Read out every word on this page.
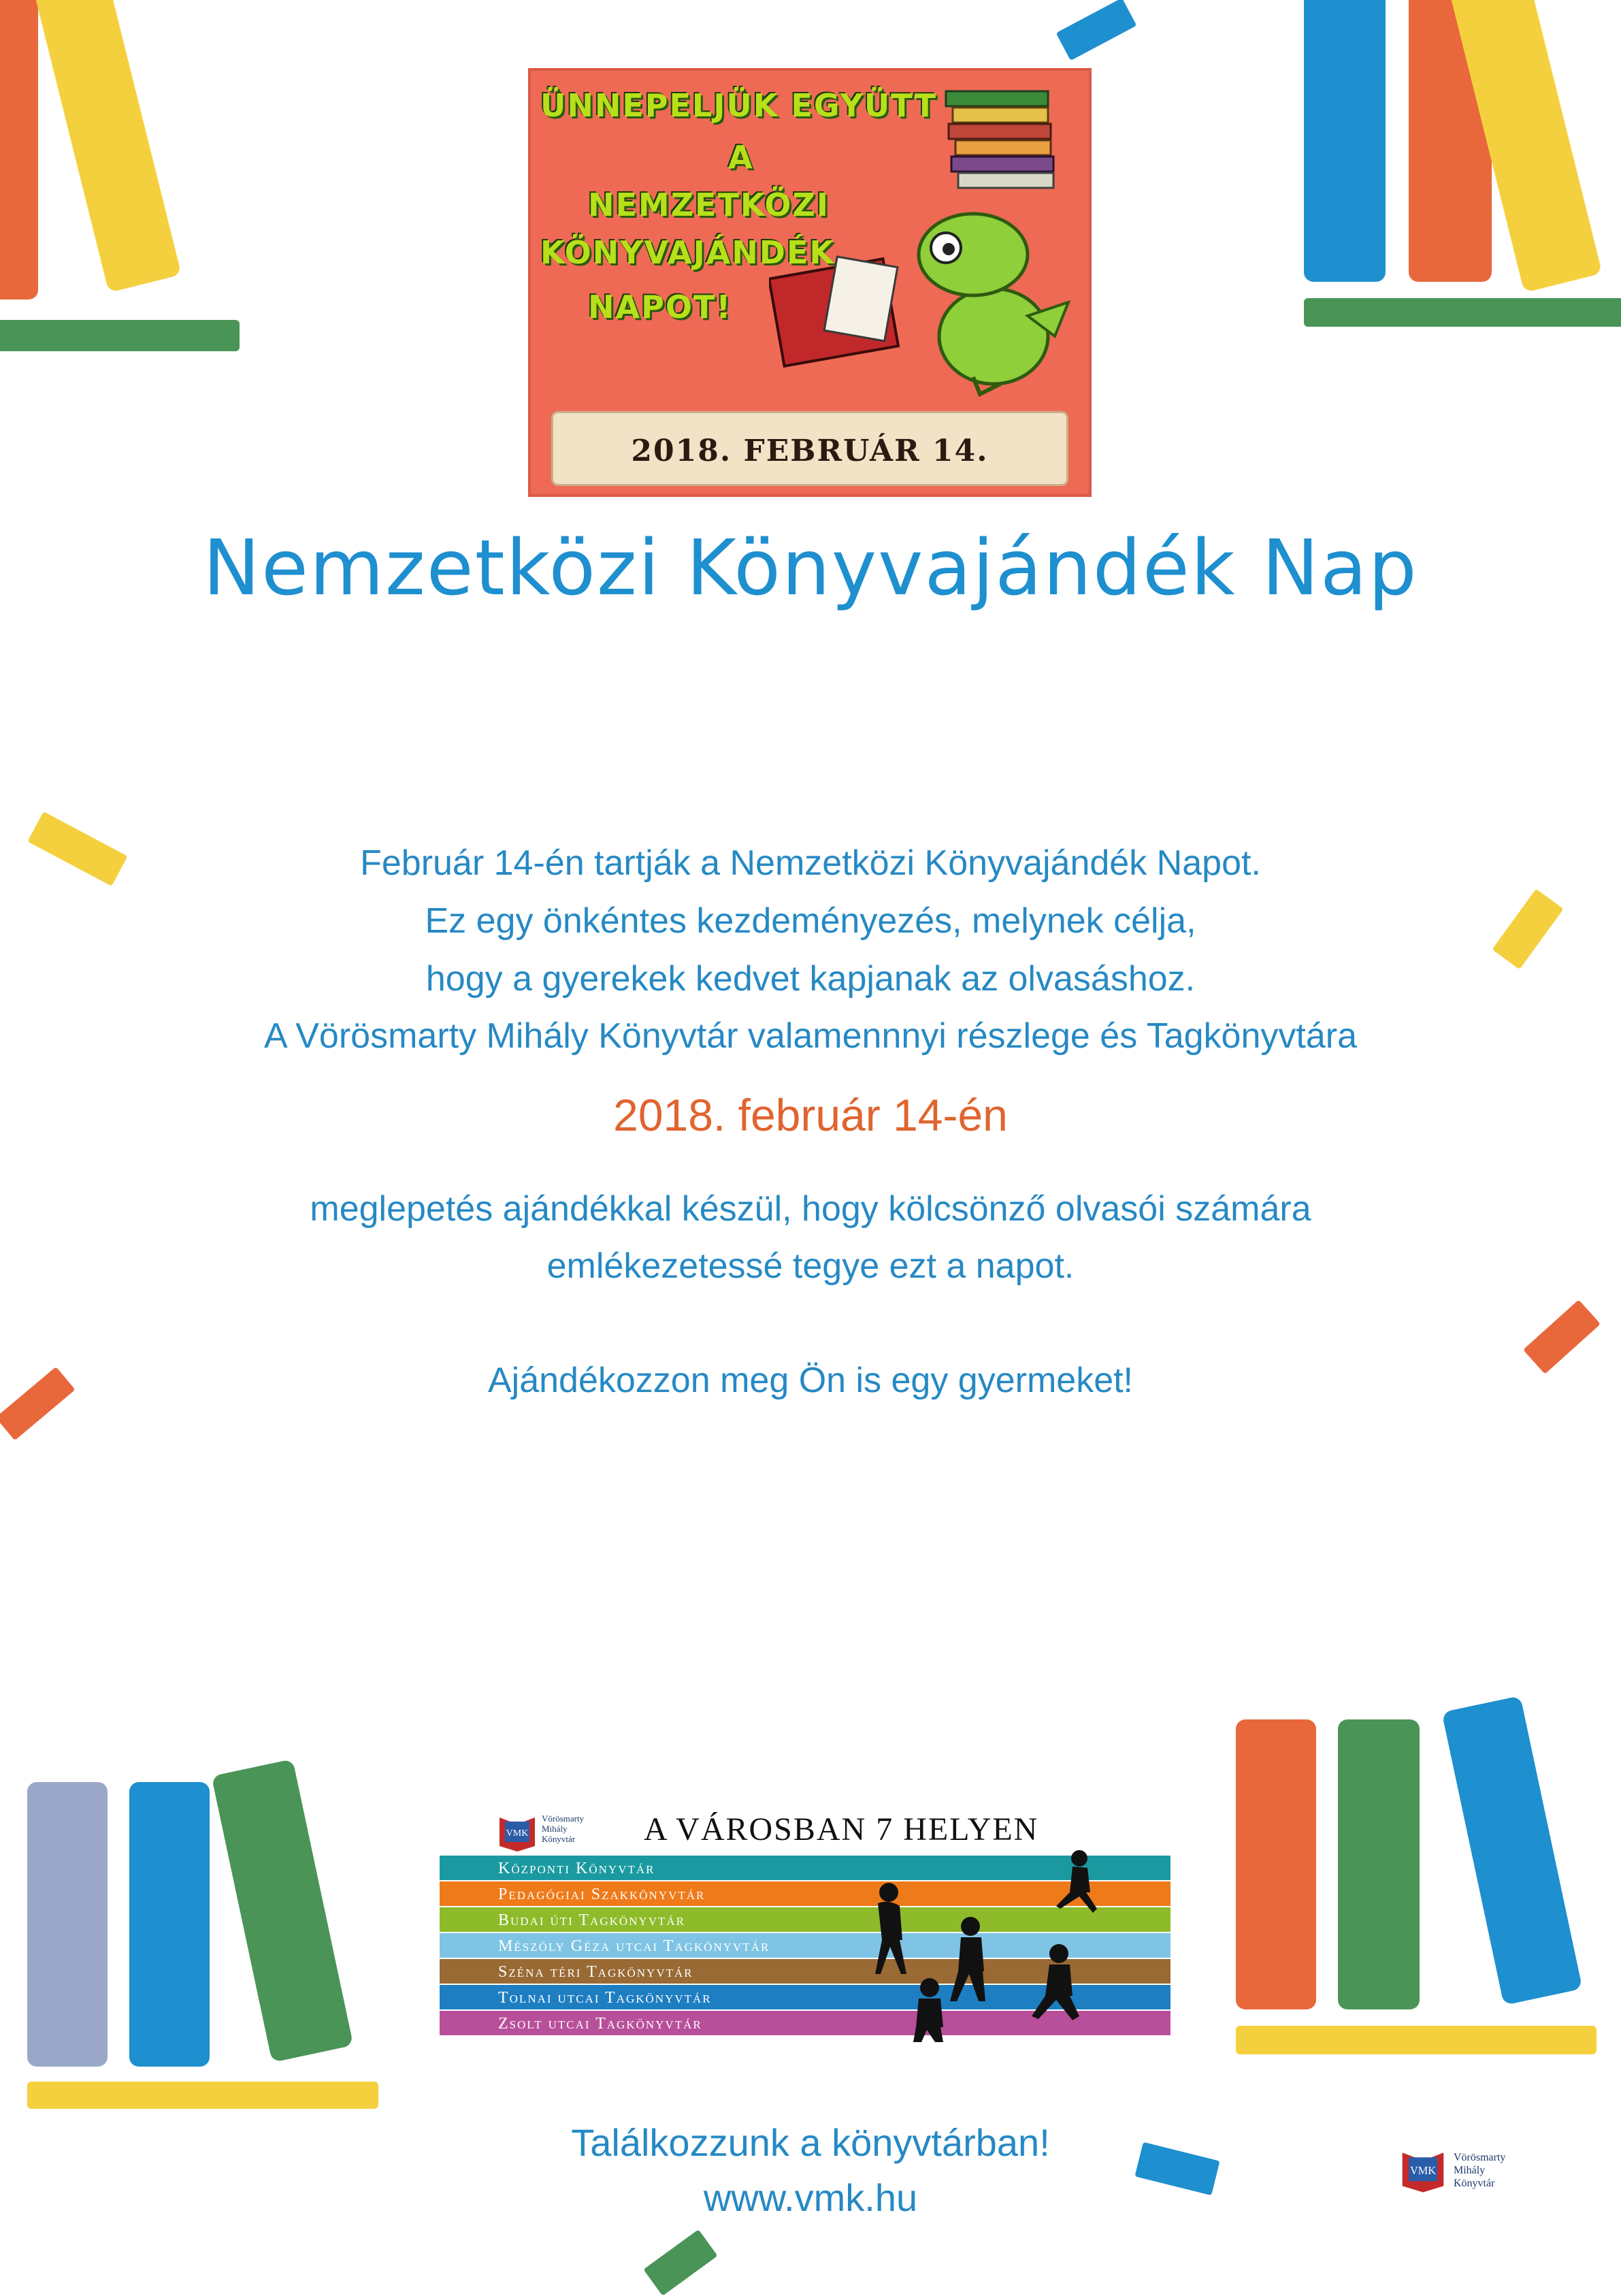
ÜNNEPELJÜK EGYÜTT
A
NEMZETKÖZI
KÖNYVAJÁNDÉK
NAPOT!
2018. FEBRUÁR 14.
Nemzetközi Könyvajándék Nap
Február 14-én tartják a Nemzetközi Könyvajándék Napot.
Ez egy önkéntes kezdeményezés, melynek célja,
hogy a gyerekek kedvet kapjanak az olvasáshoz.
A Vörösmarty Mihály Könyvtár valamennnyi részlege és Tagkönyvtára
2018. február 14-én
meglepetés ajándékkal készül, hogy kölcsönző olvasói számára
emlékezetessé tegye ezt a napot.
Ajándékozzon meg Ön is egy gyermeket!
VMK
Vörösmarty
Mihály
Könyvtár A VÁROSBAN 7 HELYEN
Központi Könyvtár
Pedagógiai Szakkönyvtár
Budai úti Tagkönyvtár
Mészöly Géza utcai Tagkönyvtár
Széna téri Tagkönyvtár
Tolnai utcai Tagkönyvtár
Zsolt utcai Tagkönyvtár
Találkozzunk a könyvtárban!
www.vmk.hu
VMK
Vörösmarty
Mihály
Könyvtár
